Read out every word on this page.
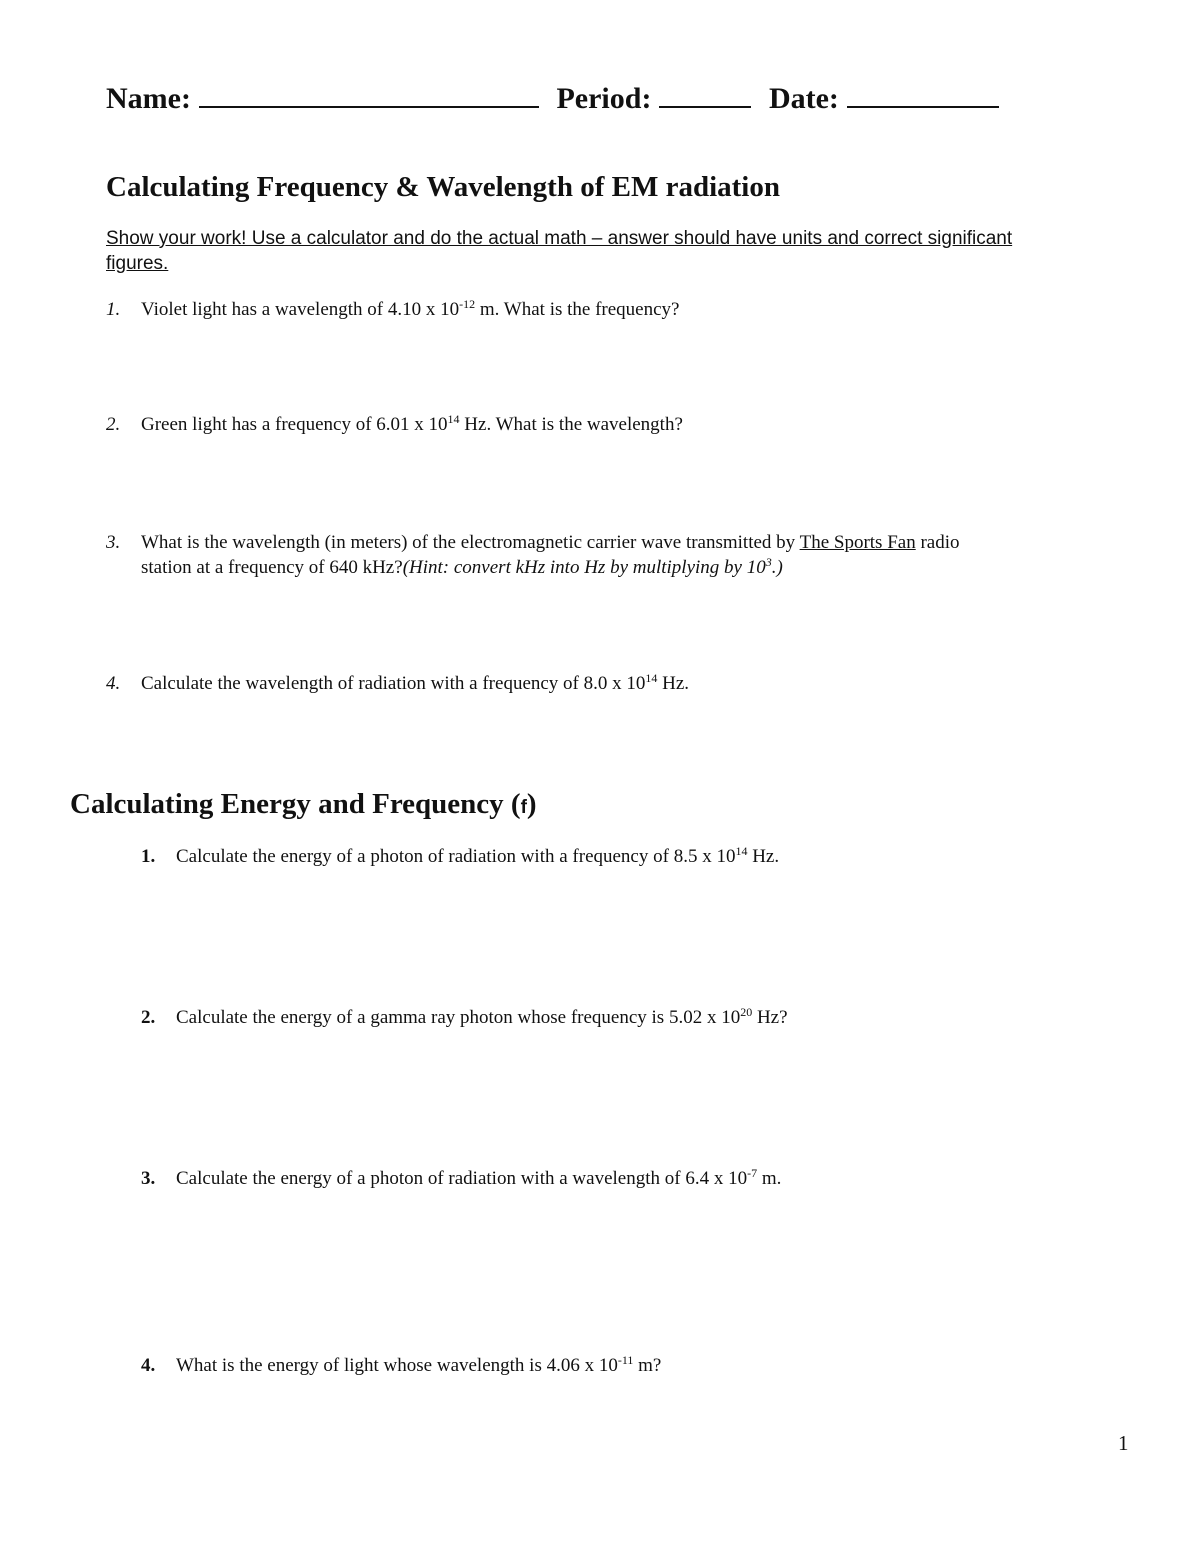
Name:	Period:	Date:
Calculating Frequency & Wavelength of EM radiation
Show your work! Use a calculator and do the actual math – answer should have units and correct significant figures.
1. Violet light has a wavelength of 4.10 x $10^{-12}$ m. What is the frequency?
2. Green light has a frequency of 6.01 x $10^{14}$ Hz. What is the wavelength?
3. What is the wavelength (in meters) of the electromagnetic carrier wave transmitted by The Sports Fan radio
station at a frequency of 640 kHz?(Hint: convert kHz into Hz by multiplying by $10^3$.)
4. Calculate the wavelength of radiation with a frequency of 8.0 x $10^{14}$ Hz.
Calculating Energy and Frequency (f)
1. Calculate the energy of a photon of radiation with a frequency of 8.5 x $10^{14}$ Hz.
2. Calculate the energy of a gamma ray photon whose frequency is 5.02 x $10^{20}$ Hz?
3. Calculate the energy of a photon of radiation with a wavelength of 6.4 x $10^{-7}$ m.
4. What is the energy of light whose wavelength is 4.06 x $10^{-11}$ m?
1
